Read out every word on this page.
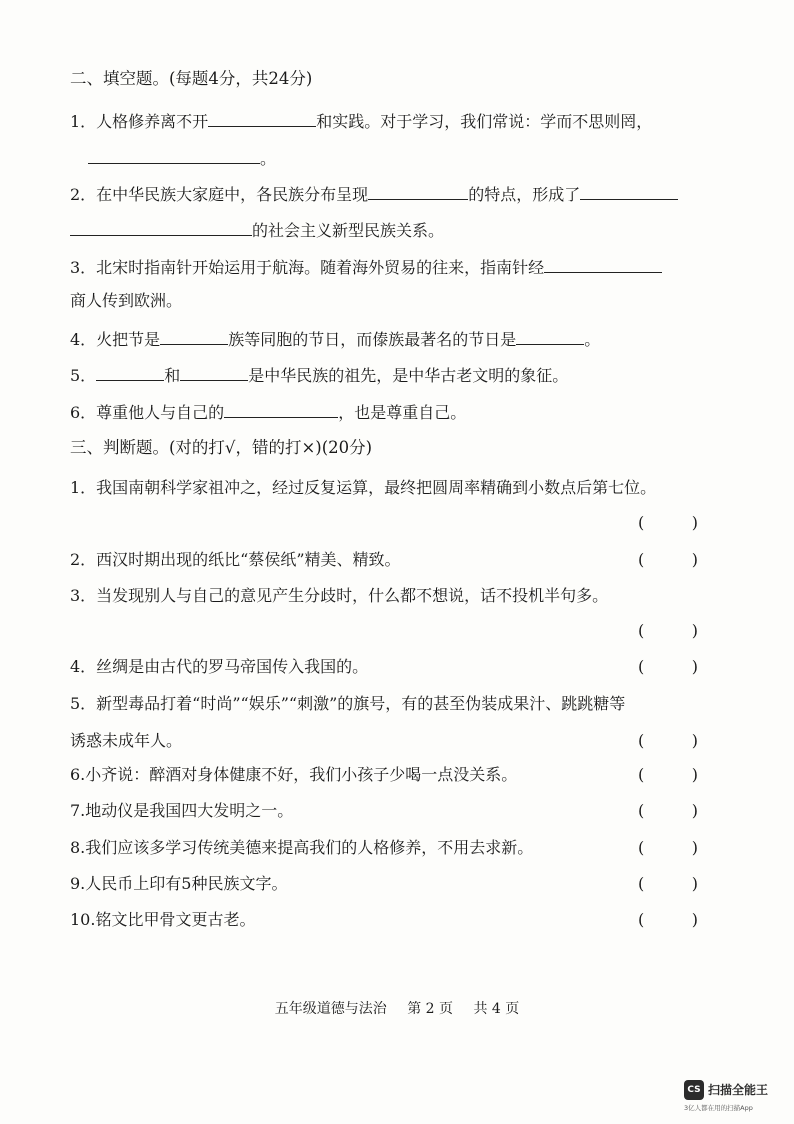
二、填空题。(每题4分，共24分)
1．人格修养离不开	和实践。对于学习，我们常说：学而不思则罔，
。
2．在中华民族大家庭中，各民族分布呈现	的特点，形成了
的社会主义新型民族关系。
3．北宋时指南针开始运用于航海。随着海外贸易的往来，指南针经
商人传到欧洲。
4．火把节是	族等同胞的节日，而傣族最著名的节日是	。
5．	和	是中华民族的祖先，是中华古老文明的象征。
6．尊重他人与自己的	，也是尊重自己。
三、判断题。(对的打√，错的打×)(20分)
1．我国南朝科学家祖冲之，经过反复运算，最终把圆周率精确到小数点后第七位。
(	)
2．西汉时期出现的纸比“蔡侯纸”精美、精致。	(	)
3．当发现别人与自己的意见产生分歧时，什么都不想说，话不投机半句多。
(	)
4．丝绸是由古代的罗马帝国传入我国的。	(	)
5．新型毒品打着“时尚”“娱乐”“刺激”的旗号，有的甚至伪装成果汁、跳跳糖等
诱惑未成年人。	(	)
6.小齐说：醉酒对身体健康不好，我们小孩子少喝一点没关系。	(	)
7.地动仪是我国四大发明之一。	(	)
8.我们应该多学习传统美德来提高我们的人格修养，不用去求新。	(	)
9.人民币上印有5种民族文字。	(	)
10.铭文比甲骨文更古老。	(	)
五年级道德与法治 第 2 页 共 4 页
CS 扫描全能王
3亿人都在用的扫描App
